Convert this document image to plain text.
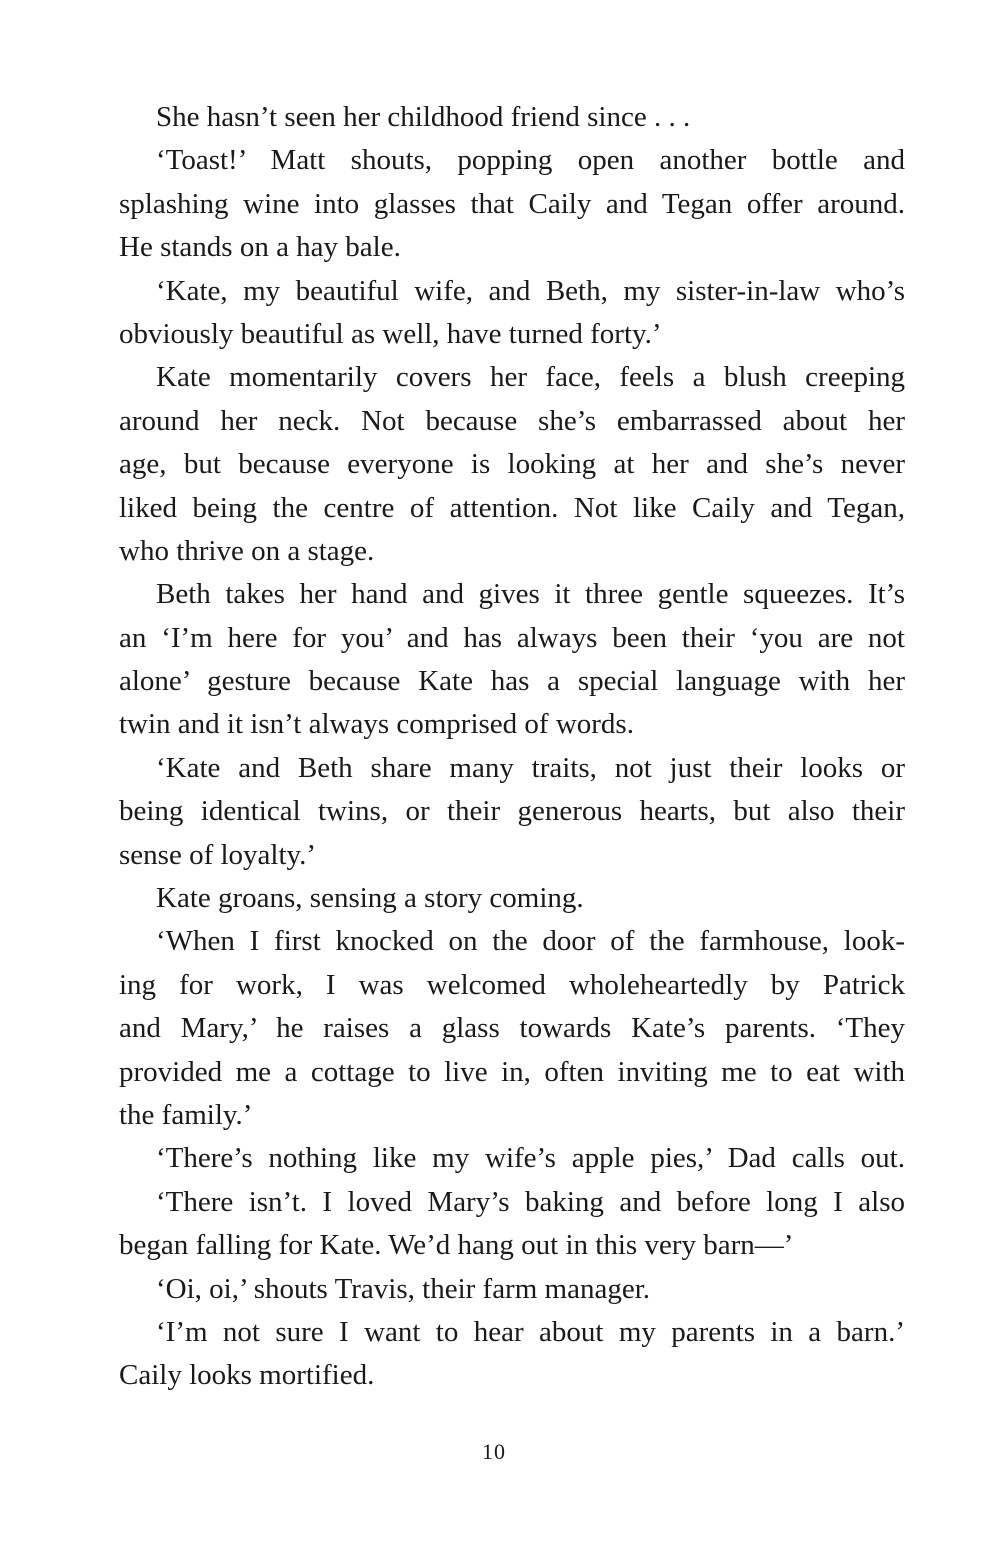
She hasn’t seen her childhood friend since . . .
‘Toast!’ Matt shouts, popping open another bottle and
splashing wine into glasses that Caily and Tegan offer around.
He stands on a hay bale.
‘Kate, my beautiful wife, and Beth, my sister-in-law who’s
obviously beautiful as well, have turned forty.’
Kate momentarily covers her face, feels a blush creeping
around her neck. Not because she’s embarrassed about her
age, but because everyone is looking at her and she’s never
liked being the centre of attention. Not like Caily and Tegan,
who thrive on a stage.
Beth takes her hand and gives it three gentle squeezes. It’s
an ‘I’m here for you’ and has always been their ‘you are not
alone’ gesture because Kate has a special language with her
twin and it isn’t always comprised of words.
‘Kate and Beth share many traits, not just their looks or
being identical twins, or their generous hearts, but also their
sense of loyalty.’
Kate groans, sensing a story coming.
‘When I first knocked on the door of the farmhouse, look-
ing for work, I was welcomed wholeheartedly by Patrick
and Mary,’ he raises a glass towards Kate’s parents. ‘They
provided me a cottage to live in, often inviting me to eat with
the family.’
‘There’s nothing like my wife’s apple pies,’ Dad calls out.
‘There isn’t. I loved Mary’s baking and before long I also
began falling for Kate. We’d hang out in this very barn—’
‘Oi, oi,’ shouts Travis, their farm manager.
‘I’m not sure I want to hear about my parents in a barn.’
Caily looks mortified.
10
